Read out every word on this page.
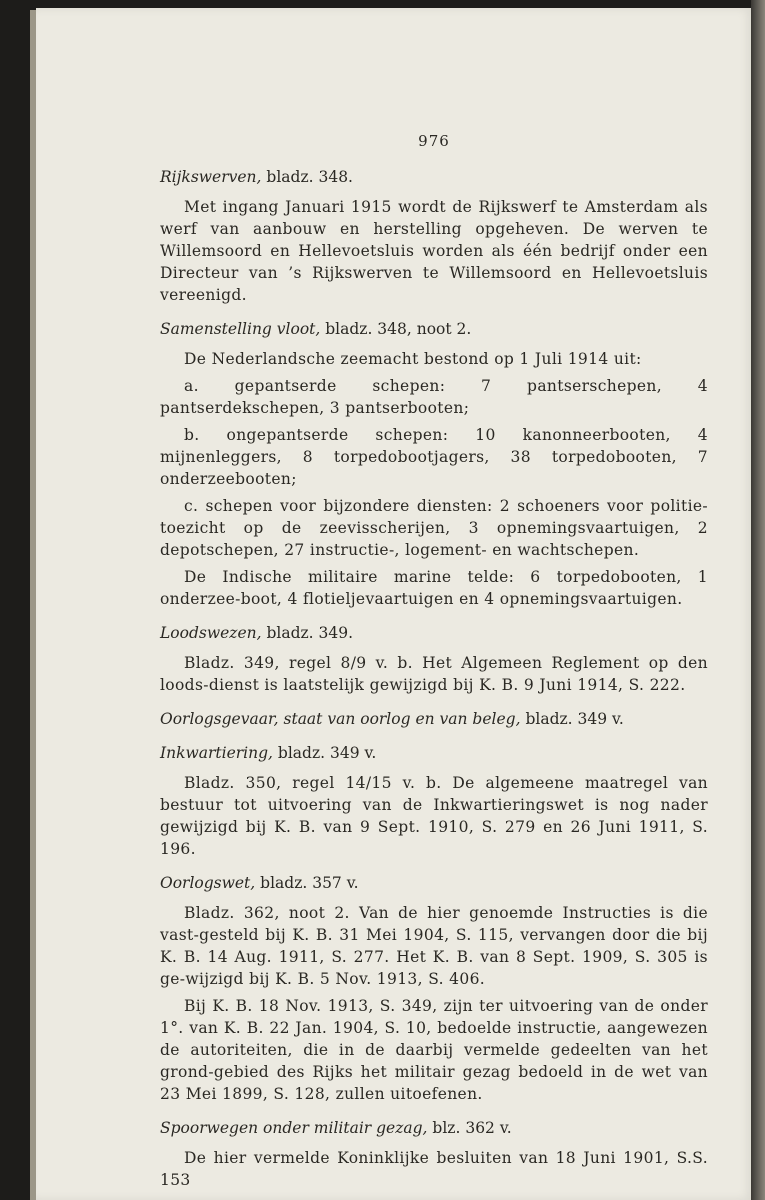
976
Rijkswerven, bladz. 348.

Met ingang Januari 1915 wordt de Rijkswerf te Amsterdam als werf van aanbouw en herstelling opgeheven. De werven te Willemsoord en Hellevoetsluis worden als één bedrijf onder een Directeur van ’s Rijkswerven te Willemsoord en Hellevoetsluis vereenigd.

Samenstelling vloot, bladz. 348, noot 2.

De Nederlandsche zeemacht bestond op 1 Juli 1914 uit:

a. gepantserde schepen: 7 pantserschepen, 4 pantserdekschepen, 3 pantserbooten;

b. ongepantserde schepen: 10 kanonneerbooten, 4 mijnenleggers, 8 torpedobootjagers, 38 torpedobooten, 7 onderzeebooten;

c. schepen voor bijzondere diensten: 2 schoeners voor politie-toezicht op de zeevisscherijen, 3 opnemingsvaartuigen, 2 depotschepen, 27 instructie-, logement- en wachtschepen.

De Indische militaire marine telde: 6 torpedobooten, 1 onderzee-boot, 4 flotieljevaartuigen en 4 opnemingsvaartuigen.

Loodswezen, bladz. 349.

Bladz. 349, regel 8/9 v. b. Het Algemeen Reglement op den loods-dienst is laatstelijk gewijzigd bij K. B. 9 Juni 1914, S. 222.

Oorlogsgevaar, staat van oorlog en van beleg, bladz. 349 v.
Inkwartiering, bladz. 349 v.

Bladz. 350, regel 14/15 v. b. De algemeene maatregel van bestuur tot uitvoering van de Inkwartieringswet is nog nader gewijzigd bij K. B. van 9 Sept. 1910, S. 279 en 26 Juni 1911, S. 196.

Oorlogswet, bladz. 357 v.

Bladz. 362, noot 2. Van de hier genoemde Instructies is die vast-gesteld bij K. B. 31 Mei 1904, S. 115, vervangen door die bij K. B. 14 Aug. 1911, S. 277. Het K. B. van 8 Sept. 1909, S. 305 is ge-wijzigd bij K. B. 5 Nov. 1913, S. 406.

Bij K. B. 18 Nov. 1913, S. 349, zijn ter uitvoering van de onder 1°. van K. B. 22 Jan. 1904, S. 10, bedoelde instructie, aangewezen de autoriteiten, die in de daarbij vermelde gedeelten van het grond-gebied des Rijks het militair gezag bedoeld in de wet van 23 Mei 1899, S. 128, zullen uitoefenen.

Spoorwegen onder militair gezag, blz. 362 v.

De hier vermelde Koninklijke besluiten van 18 Juni 1901, S.S. 153
